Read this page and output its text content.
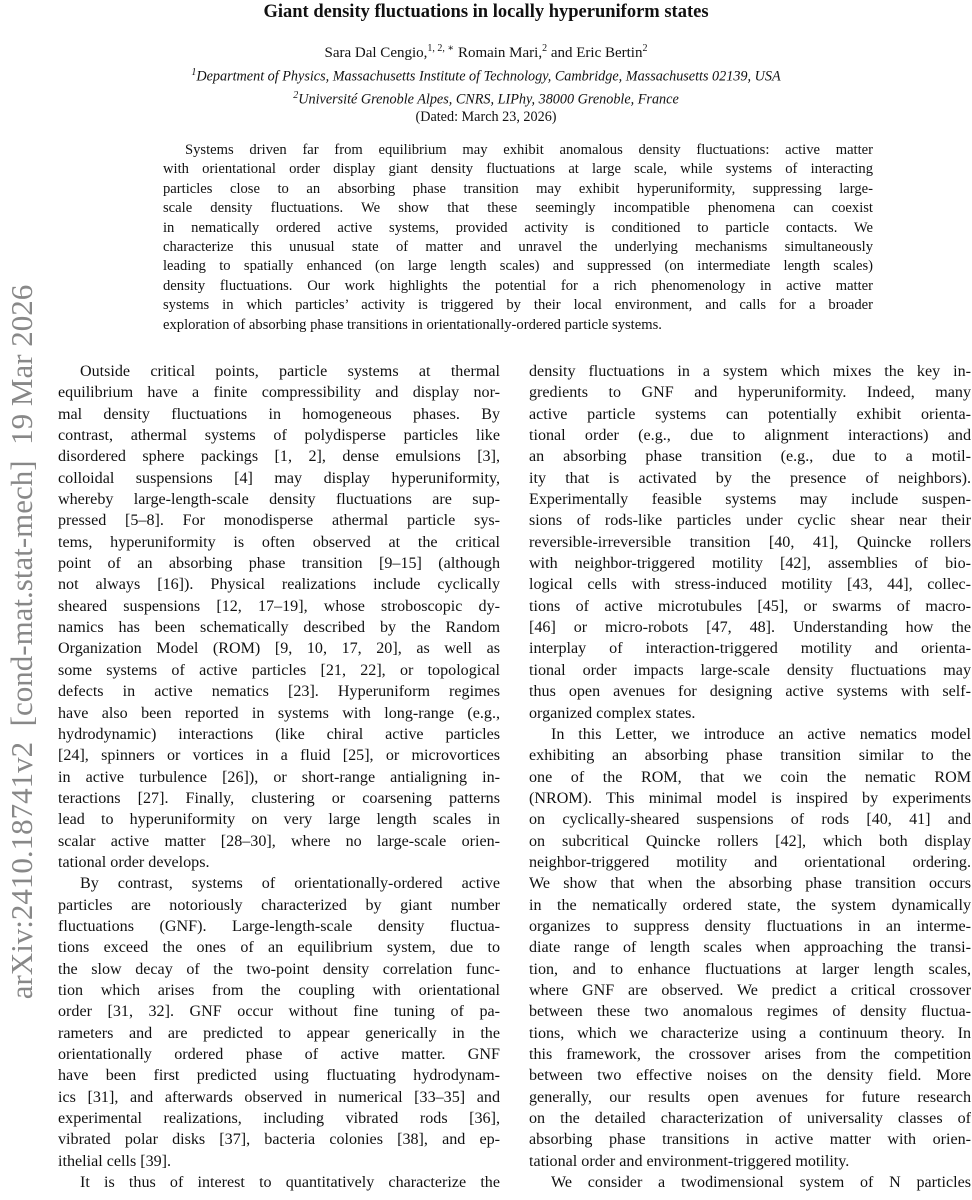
arXiv:2410.18741v2  [cond-mat.stat-mech]  19 Mar 2026
Giant density fluctuations in locally hyperuniform states
Sara Dal Cengio,$^{1, 2, ∗}$ Romain Mari,$^2$ and Eric Bertin$^2$
$^1$Department of Physics, Massachusetts Institute of Technology, Cambridge, Massachusetts 02139, USA
$^2$Université Grenoble Alpes, CNRS, LIPhy, 38000 Grenoble, France
(Dated: March 23, 2026)
Systems driven far from equilibrium may exhibit anomalous density fluctuations: active matter
with orientational order display giant density fluctuations at large scale, while systems of interacting
particles close to an absorbing phase transition may exhibit hyperuniformity, suppressing large-
scale density fluctuations. We show that these seemingly incompatible phenomena can coexist
in nematically ordered active systems, provided activity is conditioned to particle contacts. We
characterize this unusual state of matter and unravel the underlying mechanisms simultaneously
leading to spatially enhanced (on large length scales) and suppressed (on intermediate length scales)
density fluctuations. Our work highlights the potential for a rich phenomenology in active matter
systems in which particles’ activity is triggered by their local environment, and calls for a broader
exploration of absorbing phase transitions in orientationally-ordered particle systems.
Outside critical points, particle systems at thermal
equilibrium have a finite compressibility and display nor-
mal density fluctuations in homogeneous phases. By
contrast, athermal systems of polydisperse particles like
disordered sphere packings [1, 2], dense emulsions [3],
colloidal suspensions [4] may display hyperuniformity,
whereby large-length-scale density fluctuations are sup-
pressed [5–8]. For monodisperse athermal particle sys-
tems, hyperuniformity is often observed at the critical
point of an absorbing phase transition [9–15] (although
not always [16]). Physical realizations include cyclically
sheared suspensions [12, 17–19], whose stroboscopic dy-
namics has been schematically described by the Random
Organization Model (ROM) [9, 10, 17, 20], as well as
some systems of active particles [21, 22], or topological
defects in active nematics [23]. Hyperuniform regimes
have also been reported in systems with long-range (e.g.,
hydrodynamic) interactions (like chiral active particles
[24], spinners or vortices in a fluid [25], or microvortices
in active turbulence [26]), or short-range antialigning in-
teractions [27]. Finally, clustering or coarsening patterns
lead to hyperuniformity on very large length scales in
scalar active matter [28–30], where no large-scale orien-
tational order develops.
By contrast, systems of orientationally-ordered active
particles are notoriously characterized by giant number
fluctuations (GNF). Large-length-scale density fluctua-
tions exceed the ones of an equilibrium system, due to
the slow decay of the two-point density correlation func-
tion which arises from the coupling with orientational
order [31, 32]. GNF occur without fine tuning of pa-
rameters and are predicted to appear generically in the
orientationally ordered phase of active matter. GNF
have been first predicted using fluctuating hydrodynam-
ics [31], and afterwards observed in numerical [33–35] and
experimental realizations, including vibrated rods [36],
vibrated polar disks [37], bacteria colonies [38], and ep-
ithelial cells [39].
It is thus of interest to quantitatively characterize the
density fluctuations in a system which mixes the key in-
gredients to GNF and hyperuniformity. Indeed, many
active particle systems can potentially exhibit orienta-
tional order (e.g., due to alignment interactions) and
an absorbing phase transition (e.g., due to a motil-
ity that is activated by the presence of neighbors).
Experimentally feasible systems may include suspen-
sions of rods-like particles under cyclic shear near their
reversible-irreversible transition [40, 41], Quincke rollers
with neighbor-triggered motility [42], assemblies of bio-
logical cells with stress-induced motility [43, 44], collec-
tions of active microtubules [45], or swarms of macro-
[46] or micro-robots [47, 48]. Understanding how the
interplay of interaction-triggered motility and orienta-
tional order impacts large-scale density fluctuations may
thus open avenues for designing active systems with self-
organized complex states.
In this Letter, we introduce an active nematics model
exhibiting an absorbing phase transition similar to the
one of the ROM, that we coin the nematic ROM
(NROM). This minimal model is inspired by experiments
on cyclically-sheared suspensions of rods [40, 41] and
on subcritical Quincke rollers [42], which both display
neighbor-triggered motility and orientational ordering.
We show that when the absorbing phase transition occurs
in the nematically ordered state, the system dynamically
organizes to suppress density fluctuations in an interme-
diate range of length scales when approaching the transi-
tion, and to enhance fluctuations at larger length scales,
where GNF are observed. We predict a critical crossover
between these two anomalous regimes of density fluctua-
tions, which we characterize using a continuum theory. In
this framework, the crossover arises from the competition
between two effective noises on the density field. More
generally, our results open avenues for future research
on the detailed characterization of universality classes of
absorbing phase transitions in active matter with orien-
tational order and environment-triggered motility.
We consider a twodimensional system of N particles
